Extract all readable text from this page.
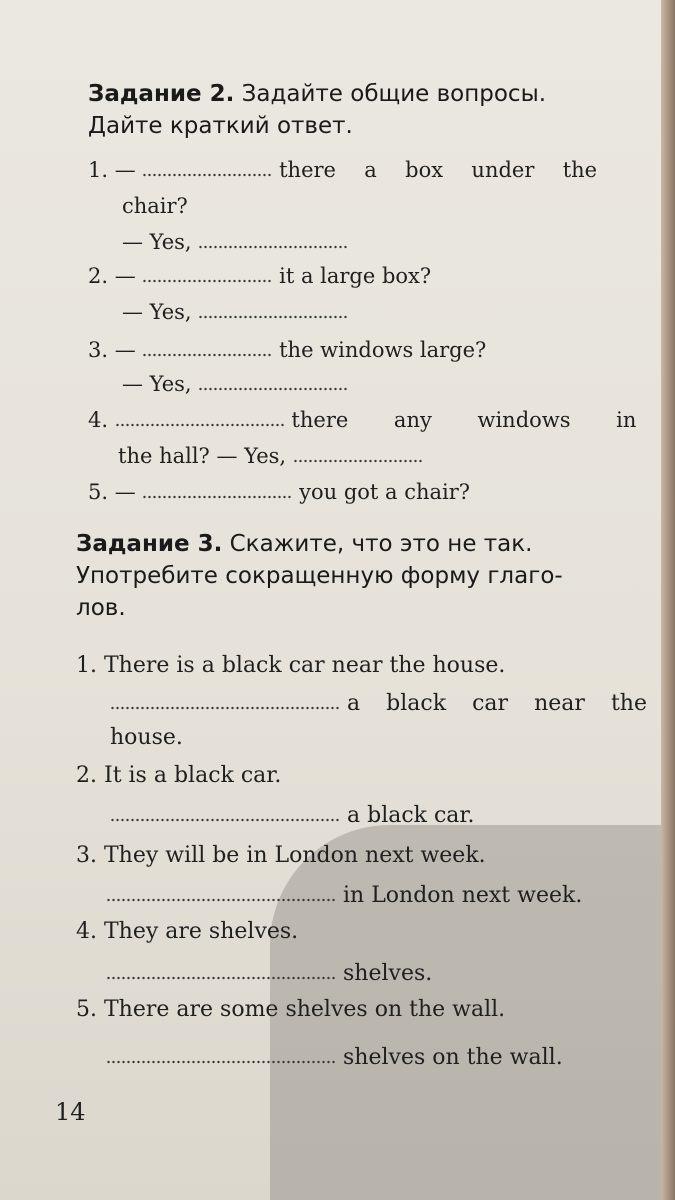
Задание 2. Задайте общие вопросы.
Дайте краткий ответ.
1. —	there a box under the
chair?
— Yes,
2. —	it a large box?
— Yes,
3. —	the windows large?
— Yes,
4.	there any windows in
the hall? — Yes,
5. —	you got a chair?
Задание 3. Скажите, что это не так.
Употребите сокращенную форму глаго-
лов.

1. There is a black car near the house.
a black car near the
house.
2. It is a black car.
a black car.
3. They will be in London next week.
in London next week.
4. They are shelves.
shelves.
5. There are some shelves on the wall.
shelves on the wall.
14
